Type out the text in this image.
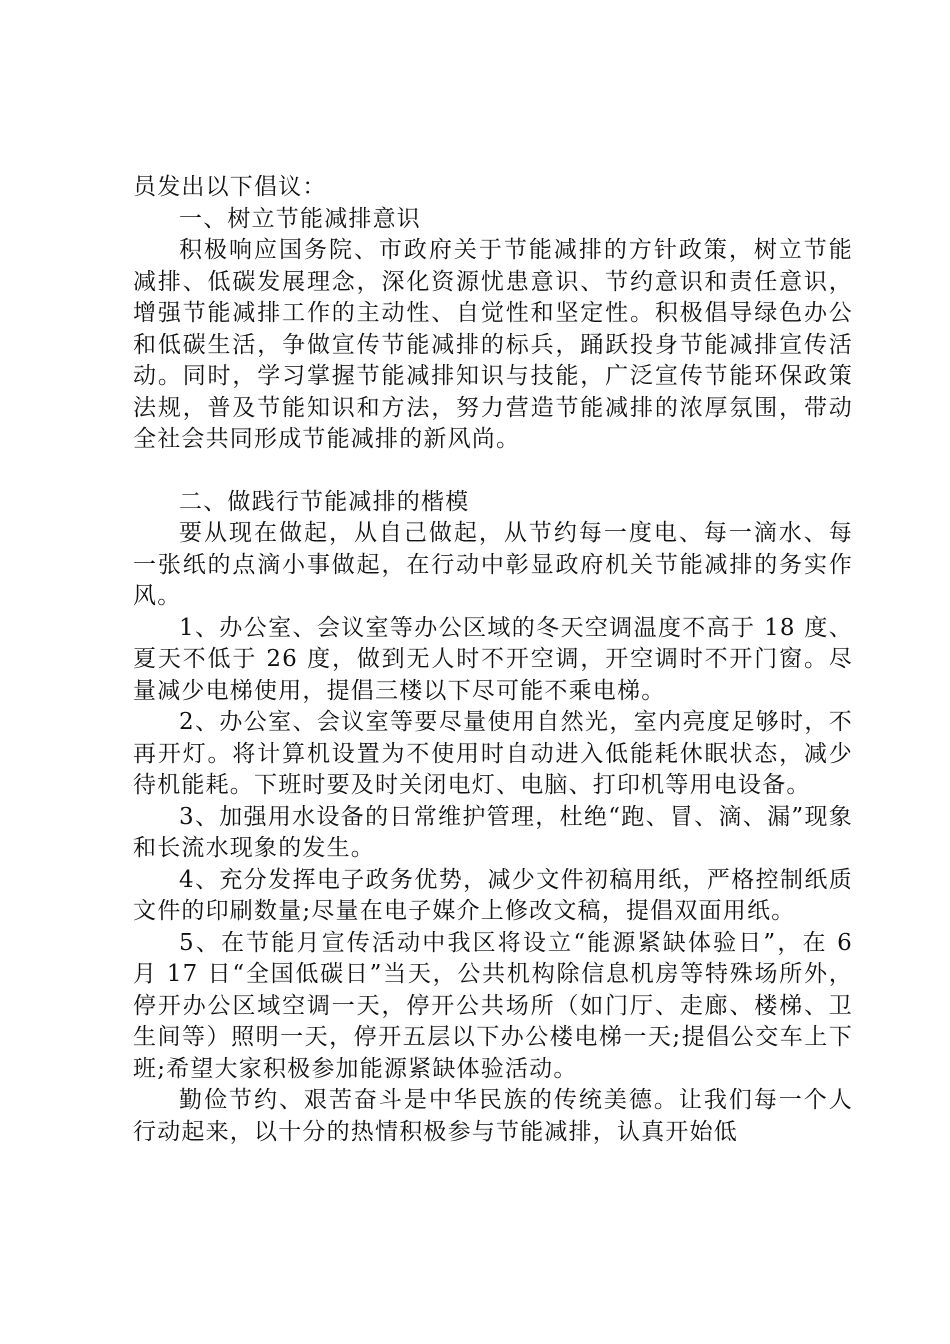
员发出以下倡议：

一、树立节能减排意识

积极响应国务院、市政府关于节能减排的方针政策，树立节能减排、低碳发展理念，深化资源忧患意识、节约意识和责任意识，增强节能减排工作的主动性、自觉性和坚定性。积极倡导绿色办公和低碳生活，争做宣传节能减排的标兵，踊跃投身节能减排宣传活动。同时，学习掌握节能减排知识与技能，广泛宣传节能环保政策法规，普及节能知识和方法，努力营造节能减排的浓厚氛围，带动全社会共同形成节能减排的新风尚。

二、做践行节能减排的楷模

要从现在做起，从自己做起，从节约每一度电、每一滴水、每一张纸的点滴小事做起，在行动中彰显政府机关节能减排的务实作风。

1、办公室、会议室等办公区域的冬天空调温度不高于 18 度、夏天不低于 26 度，做到无人时不开空调，开空调时不开门窗。尽量减少电梯使用，提倡三楼以下尽可能不乘电梯。

2、办公室、会议室等要尽量使用自然光，室内亮度足够时，不再开灯。将计算机设置为不使用时自动进入低能耗休眠状态，减少待机能耗。下班时要及时关闭电灯、电脑、打印机等用电设备。

3、加强用水设备的日常维护管理，杜绝“跑、冒、滴、漏”现象和长流水现象的发生。

4、充分发挥电子政务优势，减少文件初稿用纸，严格控制纸质文件的印刷数量;尽量在电子媒介上修改文稿，提倡双面用纸。

5、在节能月宣传活动中我区将设立“能源紧缺体验日”，在 6 月 17 日“全国低碳日”当天，公共机构除信息机房等特殊场所外，停开办公区域空调一天，停开公共场所（如门厅、走廊、楼梯、卫生间等）照明一天，停开五层以下办公楼电梯一天;提倡公交车上下班;希望大家积极参加能源紧缺体验活动。

勤俭节约、艰苦奋斗是中华民族的传统美德。让我们每一个人行动起来，以十分的热情积极参与节能减排，认真开始低
